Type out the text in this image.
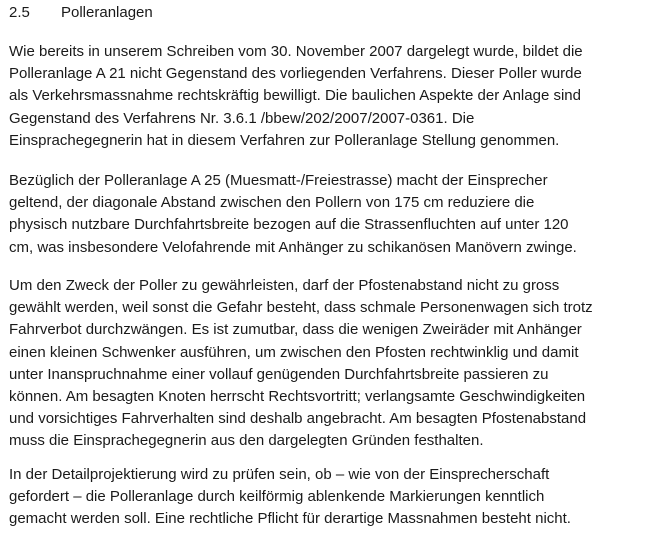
2.5 Polleranlagen

Wie bereits in unserem Schreiben vom 30. November 2007 dargelegt wurde, bildet die
Polleranlage A 21 nicht Gegenstand des vorliegenden Verfahrens. Dieser Poller wurde
als Verkehrsmassnahme rechtskräftig bewilligt. Die baulichen Aspekte der Anlage sind
Gegenstand des Verfahrens Nr. 3.6.1 /bbew/202/2007/2007-0361. Die
Einsprachegegnerin hat in diesem Verfahren zur Polleranlage Stellung genommen.

Bezüglich der Polleranlage A 25 (Muesmatt-/Freiestrasse) macht der Einsprecher
geltend, der diagonale Abstand zwischen den Pollern von 175 cm reduziere die
physisch nutzbare Durchfahrtsbreite bezogen auf die Strassenfluchten auf unter 120
cm, was insbesondere Velofahrende mit Anhänger zu schikanösen Manövern zwinge.

Um den Zweck der Poller zu gewährleisten, darf der Pfostenabstand nicht zu gross
gewählt werden, weil sonst die Gefahr besteht, dass schmale Personenwagen sich trotz
Fahrverbot durchzwängen. Es ist zumutbar, dass die wenigen Zweiräder mit Anhänger
einen kleinen Schwenker ausführen, um zwischen den Pfosten rechtwinklig und damit
unter Inanspruchnahme einer vollauf genügenden Durchfahrtsbreite passieren zu
können. Am besagten Knoten herrscht Rechtsvortritt; verlangsamte Geschwindigkeiten
und vorsichtiges Fahrverhalten sind deshalb angebracht. Am besagten Pfostenabstand
muss die Einsprachegegnerin aus den dargelegten Gründen festhalten.

In der Detailprojektierung wird zu prüfen sein, ob – wie von der Einsprecherschaft
gefordert – die Polleranlage durch keilförmig ablenkende Markierungen kenntlich
gemacht werden soll. Eine rechtliche Pflicht für derartige Massnahmen besteht nicht.
